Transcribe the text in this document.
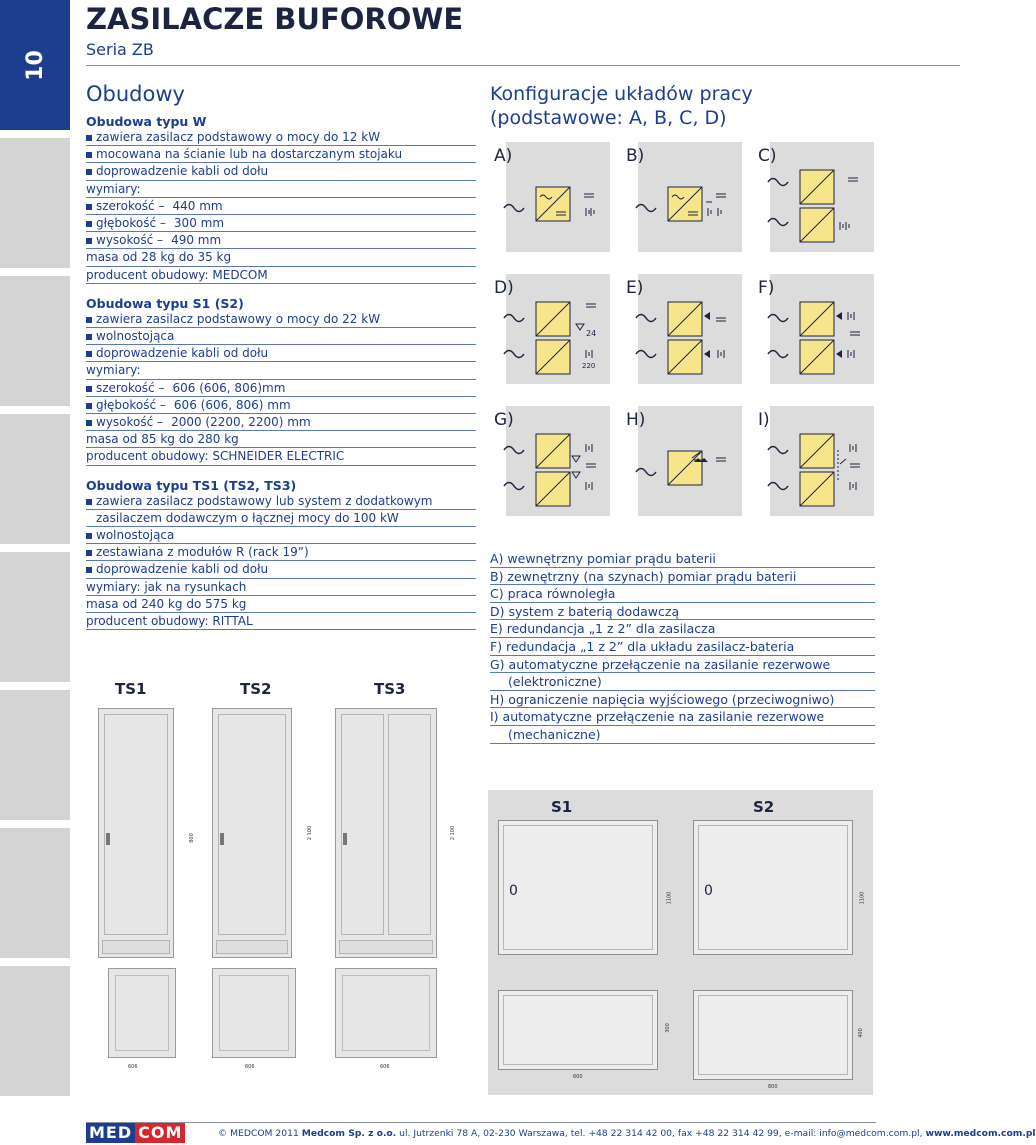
10
ZASILACZE BUFOROWE
Seria ZB
Obudowy
Obudowa typu W
zawiera zasilacz podstawowy o mocy do 12 kW
mocowana na ścianie lub na dostarczanym stojaku
doprowadzenie kabli od dołu
wymiary:
szerokość – 440 mm
głębokość – 300 mm
wysokość – 490 mm
masa od 28 kg do 35 kg
producent obudowy: MEDCOM
Obudowa typu S1 (S2)
zawiera zasilacz podstawowy o mocy do 22 kW
wolnostojąca
doprowadzenie kabli od dołu
wymiary:
szerokość – 606 (606, 806)mm
głębokość – 606 (606, 806) mm
wysokość – 2000 (2200, 2200) mm
masa od 85 kg do 280 kg
producent obudowy: SCHNEIDER ELECTRIC
Obudowa typu TS1 (TS2, TS3)
zawiera zasilacz podstawowy lub system z dodatkowym
zasilaczem dodawczym o łącznej mocy do 100 kW
wolnostojąca
zestawiana z modułów R (rack 19”)
doprowadzenie kabli od dołu
wymiary: jak na rysunkach
masa od 240 kg do 575 kg
producent obudowy: RITTAL
Konfiguracje układów pracy
(podstawowe: A, B, C, D)
A)	B)	C)
D)
24
220
E)	F)
G)	H)	I)
A) wewnętrzny pomiar prądu baterii
B) zewnętrzny (na szynach) pomiar prądu baterii
C) praca równoległa
D) system z baterią dodawczą
E) redundancja „1 z 2” dla zasilacza
F) redundacja „1 z 2” dla układu zasilacz-bateria
G) automatyczne przełączenie na zasilanie rezerwowe
(elektroniczne)
H) ograniczenie napięcia wyjściowego (przeciwogniwo)
I) automatyczne przełączenie na zasilanie rezerwowe
(mechaniczne)
TS1	TS2	TS3
800	2 100	2 100
606	606	606
S1	S2
0	1100 0	1100
300
600
400
800
MED COM	© MEDCOM 2011 Medcom Sp. z o.o. ul. Jutrzenki 78 A, 02-230 Warszawa, tel. +48 22 314 42 00, fax +48 22 314 42 99, e-mail: info@medcom.com.pl, www.medcom.com.pl
